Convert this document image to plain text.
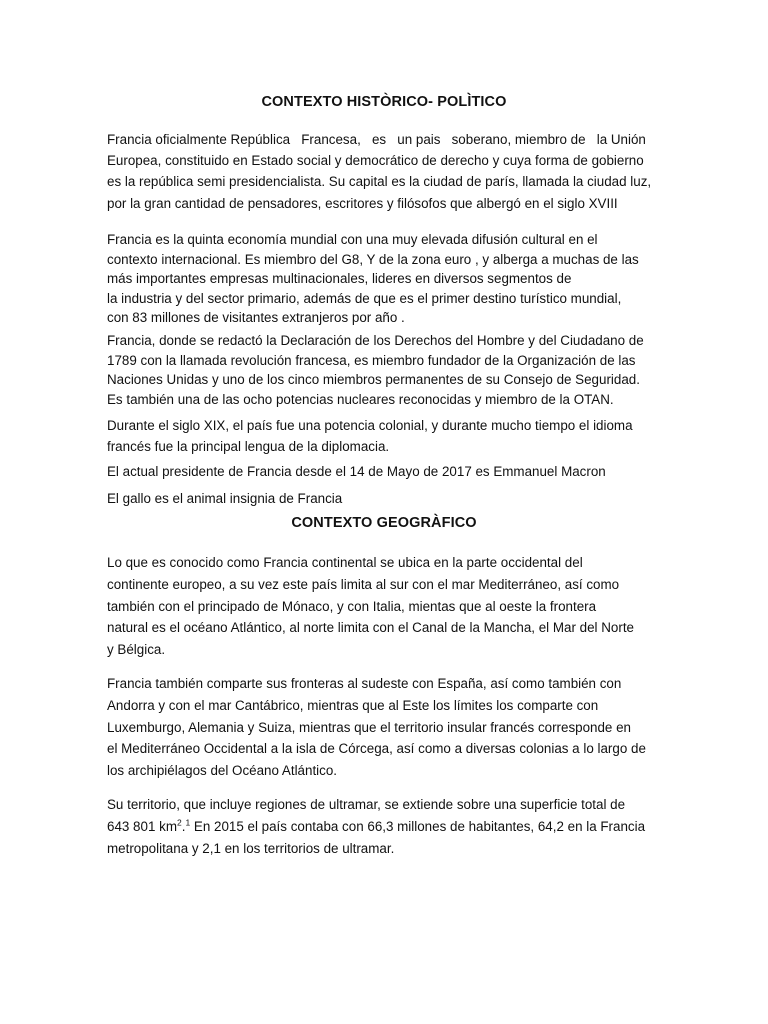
CONTEXTO HISTÒRICO- POLÌTICO
Francia oficialmente República   Francesa,   es   un pais   soberano, miembro de   la Unión
Europea, constituido en Estado social y democrático de derecho y cuya forma de gobierno
es la república semi presidencialista. Su capital es la ciudad de parís, llamada la ciudad luz,
por la gran cantidad de pensadores, escritores y filósofos que albergó en el siglo XVIII
Francia es la quinta economía mundial con una muy elevada difusión cultural en el
contexto internacional. Es miembro del G8, Y de la zona euro , y alberga a muchas de las
más importantes empresas multinacionales, lideres en diversos segmentos de
la industria y del sector primario, además de que es el primer destino turístico mundial,
con 83 millones de visitantes extranjeros por año .
Francia, donde se redactó la Declaración de los Derechos del Hombre y del Ciudadano de
1789 con la llamada revolución francesa, es miembro fundador de la Organización de las
Naciones Unidas y uno de los cinco miembros permanentes de su Consejo de Seguridad.
Es también una de las ocho potencias nucleares reconocidas y miembro de la OTAN.
Durante el siglo XIX, el país fue una potencia colonial, y durante mucho tiempo el idioma
francés fue la principal lengua de la diplomacia.
El actual presidente de Francia desde el 14 de Mayo de 2017 es Emmanuel Macron
El gallo es el animal insignia de Francia
CONTEXTO GEOGRÀFICO
Lo que es conocido como Francia continental se ubica en la parte occidental del
continente europeo, a su vez este país limita al sur con el mar Mediterráneo, así como
también con el principado de Mónaco, y con Italia, mientas que al oeste la frontera
natural es el océano Atlántico, al norte limita con el Canal de la Mancha, el Mar del Norte
y Bélgica.
Francia también comparte sus fronteras al sudeste con España, así como también con
Andorra y con el mar Cantábrico, mientras que al Este los límites los comparte con
Luxemburgo, Alemania y Suiza, mientras que el territorio insular francés corresponde en
el Mediterráneo Occidental a la isla de Córcega, así como a diversas colonias a lo largo de
los archipiélagos del Océano Atlántico.
Su territorio, que incluye regiones de ultramar, se extiende sobre una superficie total de
643 801 $km^2.^1$ En 2015 el país contaba con 66,3 millones de habitantes, 64,2 en la Francia
metropolitana y 2,1 en los territorios de ultramar.
